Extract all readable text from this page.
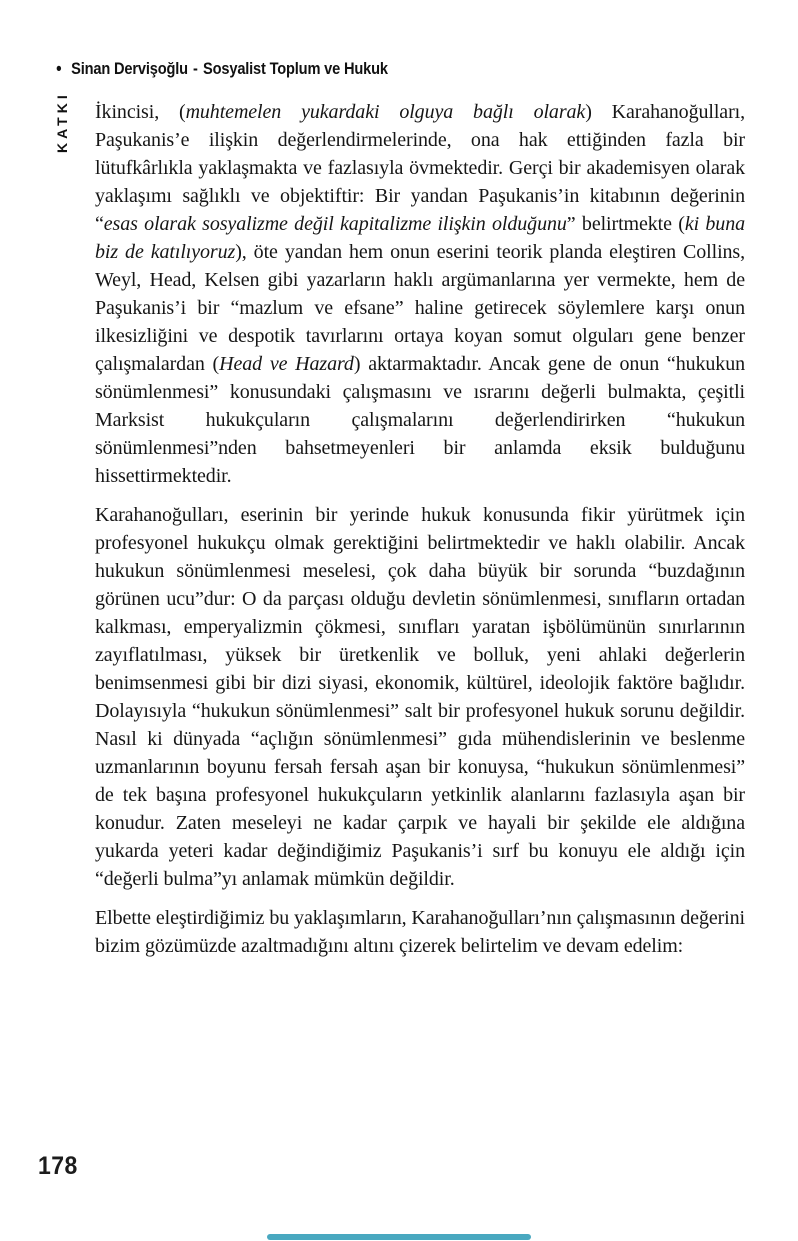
• Sinan Dervişoğlu - Sosyalist Toplum ve Hukuk
KATKI İkincisi, (muhtemelen yukardaki olguya bağlı olarak) Karahanoğulları, Paşukanis’e ilişkin değerlendirmelerinde, ona hak ettiğinden fazla bir lütufkârlıkla yaklaşmakta ve fazlasıyla övmektedir. Gerçi bir akademisyen olarak yaklaşımı sağlıklı ve objektiftir: Bir yandan Paşukanis’in kitabının değerinin “esas olarak sosyalizme değil kapitalizme ilişkin olduğunu” belirtmekte (ki buna biz de katılıyoruz), öte yandan hem onun eserini teorik planda eleştiren Collins, Weyl, Head, Kelsen gibi yazarların haklı argümanlarına yer vermekte, hem de Paşukanis’i bir “mazlum ve efsane” haline getirecek söylemlere karşı onun ilkesizliğini ve despotik tavırlarını ortaya koyan somut olguları gene benzer çalışmalardan (Head ve Hazard) aktarmaktadır. Ancak gene de onun “hukukun sönümlenmesi” konusundaki çalışmasını ve ısrarını değerli bulmakta, çeşitli Marksist hukukçuların çalışmalarını değerlendirirken “hukukun sönümlenmesi”nden bahsetmeyenleri bir anlamda eksik bulduğunu hissettirmektedir.

Karahanoğulları, eserinin bir yerinde hukuk konusunda fikir yürütmek için profesyonel hukukçu olmak gerektiğini belirtmektedir ve haklı olabilir. Ancak hukukun sönümlenmesi meselesi, çok daha büyük bir sorunda “buzdağının görünen ucu”dur: O da parçası olduğu devletin sönümlenmesi, sınıfların ortadan kalkması, emperyalizmin çökmesi, sınıfları yaratan işbölümünün sınırlarının zayıflatılması, yüksek bir üretkenlik ve bolluk, yeni ahlaki değerlerin benimsenmesi gibi bir dizi siyasi, ekonomik, kültürel, ideolojik faktöre bağlıdır. Dolayısıyla “hukukun sönümlenmesi” salt bir profesyonel hukuk sorunu değildir. Nasıl ki dünyada “açlığın sönümlenmesi” gıda mühendislerinin ve beslenme uzmanlarının boyunu fersah fersah aşan bir konuysa, “hukukun sönümlenmesi” de tek başına profesyonel hukukçuların yetkinlik alanlarını fazlasıyla aşan bir konudur. Zaten meseleyi ne kadar çarpık ve hayali bir şekilde ele aldığına yukarda yeteri kadar değindiğimiz Paşukanis’i sırf bu konuyu ele aldığı için “değerli bulma”yı anlamak mümkün değildir.

Elbette eleştirdiğimiz bu yaklaşımların, Karahanoğulları’nın çalışmasının değerini bizim gözümüzde azaltmadığını altını çizerek belirtelim ve devam edelim:

178
